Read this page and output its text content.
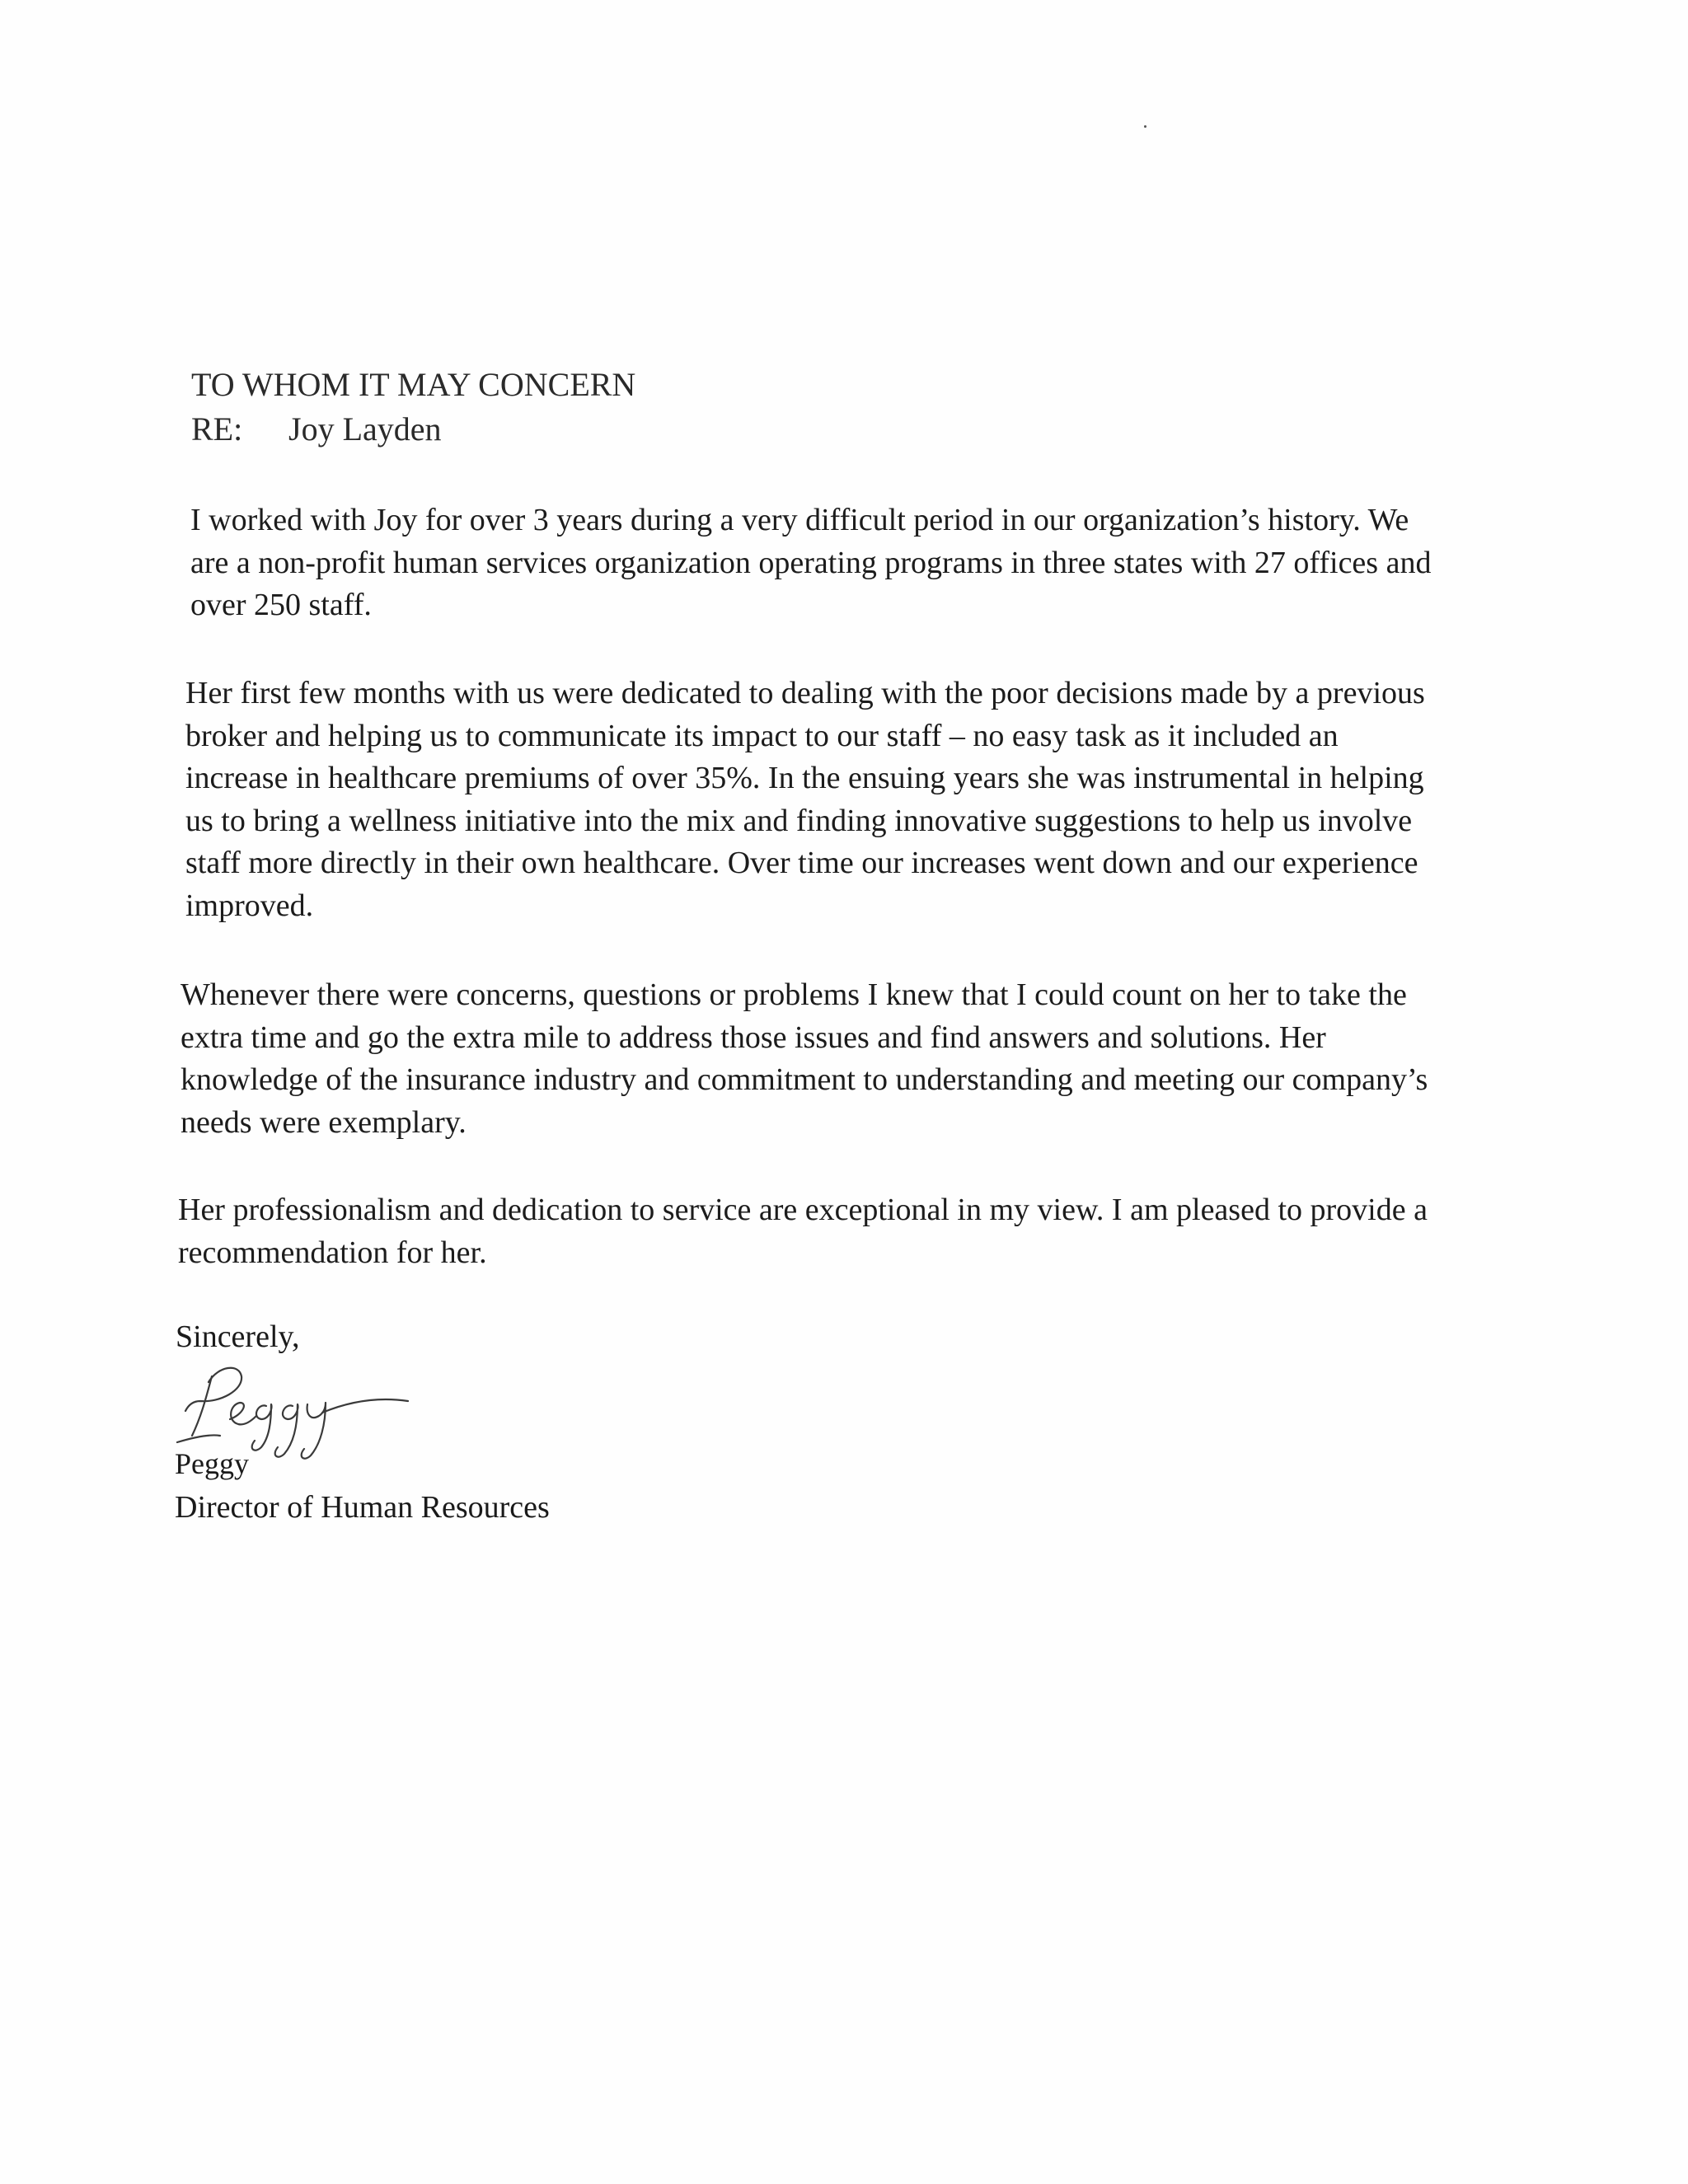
TO WHOM IT MAY CONCERN
RE:	Joy Layden

I worked with Joy for over 3 years during a very difficult period in our organization’s history. We
are a non-profit human services organization operating programs in three states with 27 offices and
over 250 staff.

Her first few months with us were dedicated to dealing with the poor decisions made by a previous
broker and helping us to communicate its impact to our staff – no easy task as it included an
increase in healthcare premiums of over 35%. In the ensuing years she was instrumental in helping
us to bring a wellness initiative into the mix and finding innovative suggestions to help us involve
staff more directly in their own healthcare. Over time our increases went down and our experience
improved.

Whenever there were concerns, questions or problems I knew that I could count on her to take the
extra time and go the extra mile to address those issues and find answers and solutions. Her
knowledge of the insurance industry and commitment to understanding and meeting our company’s
needs were exemplary.

Her professionalism and dedication to service are exceptional in my view. I am pleased to provide a
recommendation for her.

Sincerely,
Peggy
Director of Human Resources
